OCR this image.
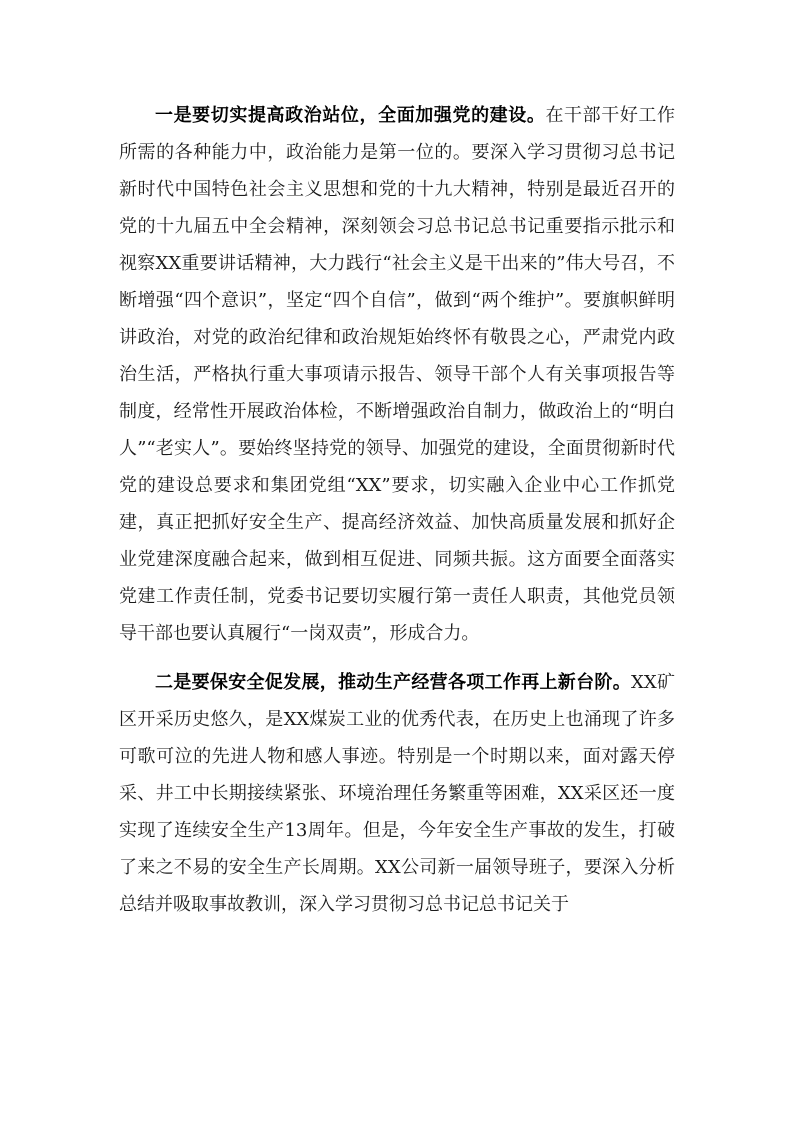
一是要切实提高政治站位，全面加强党的建设。在干部干好工作所需的各种能力中，政治能力是第一位的。要深入学习贯彻习总书记新时代中国特色社会主义思想和党的十九大精神，特别是最近召开的党的十九届五中全会精神，深刻领会习总书记总书记重要指示批示和视察XX重要讲话精神，大力践行“社会主义是干出来的”伟大号召，不断增强“四个意识”，坚定“四个自信”，做到“两个维护”。要旗帜鲜明讲政治，对党的政治纪律和政治规矩始终怀有敬畏之心，严肃党内政治生活，严格执行重大事项请示报告、领导干部个人有关事项报告等制度，经常性开展政治体检，不断增强政治自制力，做政治上的“明白人”“老实人”。要始终坚持党的领导、加强党的建设，全面贯彻新时代党的建设总要求和集团党组“XX”要求，切实融入企业中心工作抓党建，真正把抓好安全生产、提高经济效益、加快高质量发展和抓好企业党建深度融合起来，做到相互促进、同频共振。这方面要全面落实党建工作责任制，党委书记要切实履行第一责任人职责，其他党员领导干部也要认真履行“一岗双责”，形成合力。

二是要保安全促发展，推动生产经营各项工作再上新台阶。XX矿区开采历史悠久，是XX煤炭工业的优秀代表，在历史上也涌现了许多可歌可泣的先进人物和感人事迹。特别是一个时期以来，面对露天停采、井工中长期接续紧张、环境治理任务繁重等困难，XX采区还一度实现了连续安全生产13周年。但是，今年安全生产事故的发生，打破了来之不易的安全生产长周期。XX公司新一届领导班子，要深入分析总结并吸取事故教训，深入学习贯彻习总书记总书记关于
